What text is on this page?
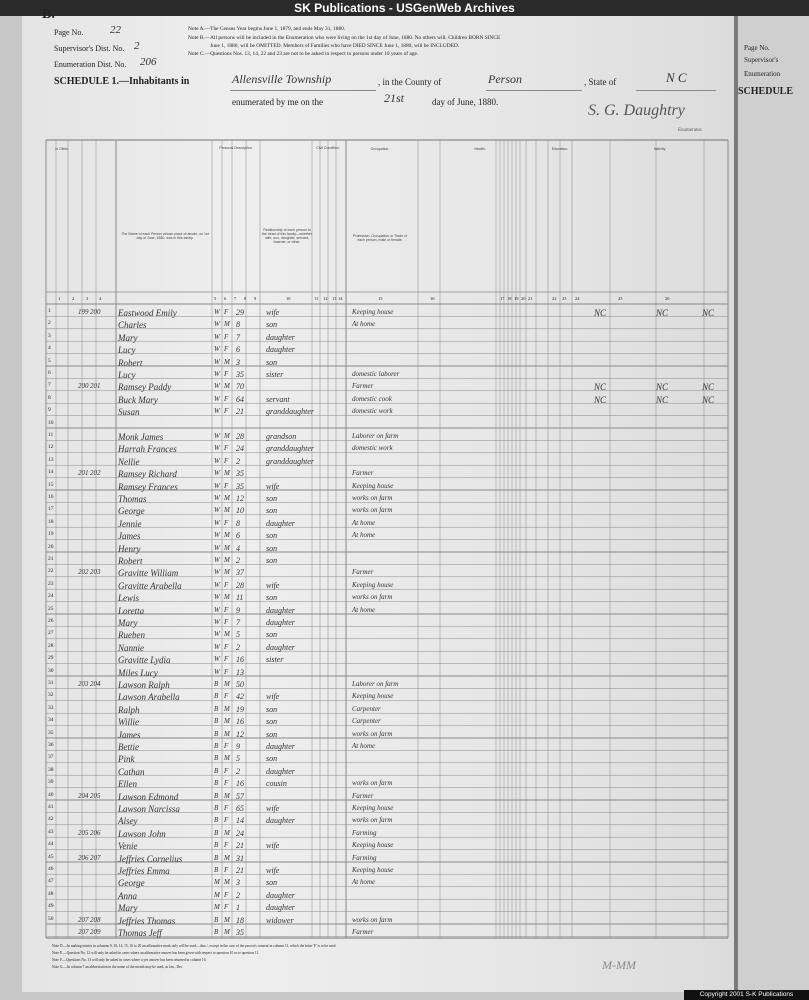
Page No.
Supervisor's
Enumeration
SCHEDULE
SK Publications - USGenWeb Archives
B.
Page No. 22
Supervisor's Dist. No. 2
Enumeration Dist. No. 206
Note A.—The Census Year begins June 1, 1879, and ends May 31, 1880.
Note B.—All persons will be included in the Enumeration who were living on the 1st day of June, 1880. No others will. Children BORN SINCE
June 1, 1880, will be OMITTED. Members of Families who have DIED SINCE June 1, 1880, will be INCLUDED.
Note C.—Questions Nos. 13, 14, 22 and 23 are not to be asked in respect to persons under 10 years of age.
SCHEDULE 1.—Inhabitants in	Allensville Township	, in the County of	Person	, State of	N C
enumerated by me on the	21st	day of June, 1880.	S. G. Daughtry
Enumerator.
In Cities.
The Name of each Person whose place of abode, on 1st day of June, 1880, was in this family.
Personal Description.
Relationship of each person to the head of this family—whether wife, son, daughter, servant, boarder, or other.
Civil Condition.	Occupation.
Profession, Occupation or Trade of each person, male or female.
Health.	Education.	Nativity.
1	2	3 4	5 6 7 8 9	10	11 12 13 14	15	16	17 18 19 20 21	22 23 24	25	26
1	199 200 Eastwood Emily	W F 29	wife	Keeping house	NC	NC	NC
2	Charles	W M 8	son	At home
3	Mary	W F 7	daughter
4	Lucy	W F 6	daughter
5	Robert	W M 3	son
6	Lucy	W F 35	sister	domestic laborer
7	200 201 Ramsey Paddy	W M 70	Farmer	NC	NC	NC
8	Buck Mary	W F 64	servant	domestic cook	NC	NC	NC
9	Susan	W F 21	granddaughter	domestic work
10
11	Monk James	W M 28	grandson	Laborer on farm
12	Harrah Frances	W F 24	granddaughter	domestic work
13	Nellie	W F 2	granddaughter
14	201 202 Ramsey Richard	W M 35	Farmer
15	Ramsey Frances	W F 35	wife	Keeping house
16	Thomas	W M 12	son	works on farm
17	George	W M 10	son	works on farm
18	Jennie	W F 8	daughter	At home
19	James	W M 6	son	At home
20	Henry	W M 4	son
21	Robert	W M 2	son
22	202 203 Gravitte William	W M 37	Farmer
23	Gravitte Arabella	W F 28	wife	Keeping house
24	Lewis	W M 11	son	works on farm
25	Loretta	W F 9	daughter	At home
26	Mary	W F 7	daughter
27	Rueben	W M 5	son
28	Nannie	W F 2	daughter
29	Gravitte Lydia	W F 16	sister
30	Miles Lucy	W F 13
31	203 204 Lawson Ralph	B M 50	Laborer on farm
32	Lawson Arabella	B F 42	wife	Keeping house
33	Ralph	B M 19	son	Carpenter
34	Willie	B M 16	son	Carpenter
35	James	B M 12	son	works on farm
36	Bettie	B F 9	daughter	At home
37	Pink	B M 5	son
38	Cathan	B F 2	daughter
39	Ellen	B F 16	cousin	works on farm
40	204 205 Lawson Edmond	B M 57	Farmer
41	Lawson Narcissa	B F 65	wife	Keeping house
42	Alsey	B F 14	daughter	works on farm
43	205 206 Lawson John	B M 24	Farming
44	Venie	B F 21	wife	Keeping house
45	206 207 Jeffries Cornelius	B M 31	Farming
46	Jeffries Emma	B F 21	wife	Keeping house
47	George	M M 3	son	At home
48	Anna	M F 2	daughter
49	Mary	M F 1	daughter
50	207 208 Jeffries Thomas	B M 18	widower	works on farm
207 209 Thomas Jeff	B M 35	Farmer
Note D.—In making entries in columns 9, 10, 14, 15, 16 to 20 an affirmative mark only will be used—thus /, except in the case of the person's consent in column 11, which the letter 'F' is to be used.
Note E.—Question No. 12 will only be asked in cases where an affirmative answer has been given with respect to question 10 or to question 11.
Note F.—Questions No. 13 will only be asked in cases where a yes answer has been returned in column 16.
Note G.—In column 7 an abbreviation in the name of the month may be used, as Jan., Dec.	M-MM
Copyright 2001 S-K Publications
